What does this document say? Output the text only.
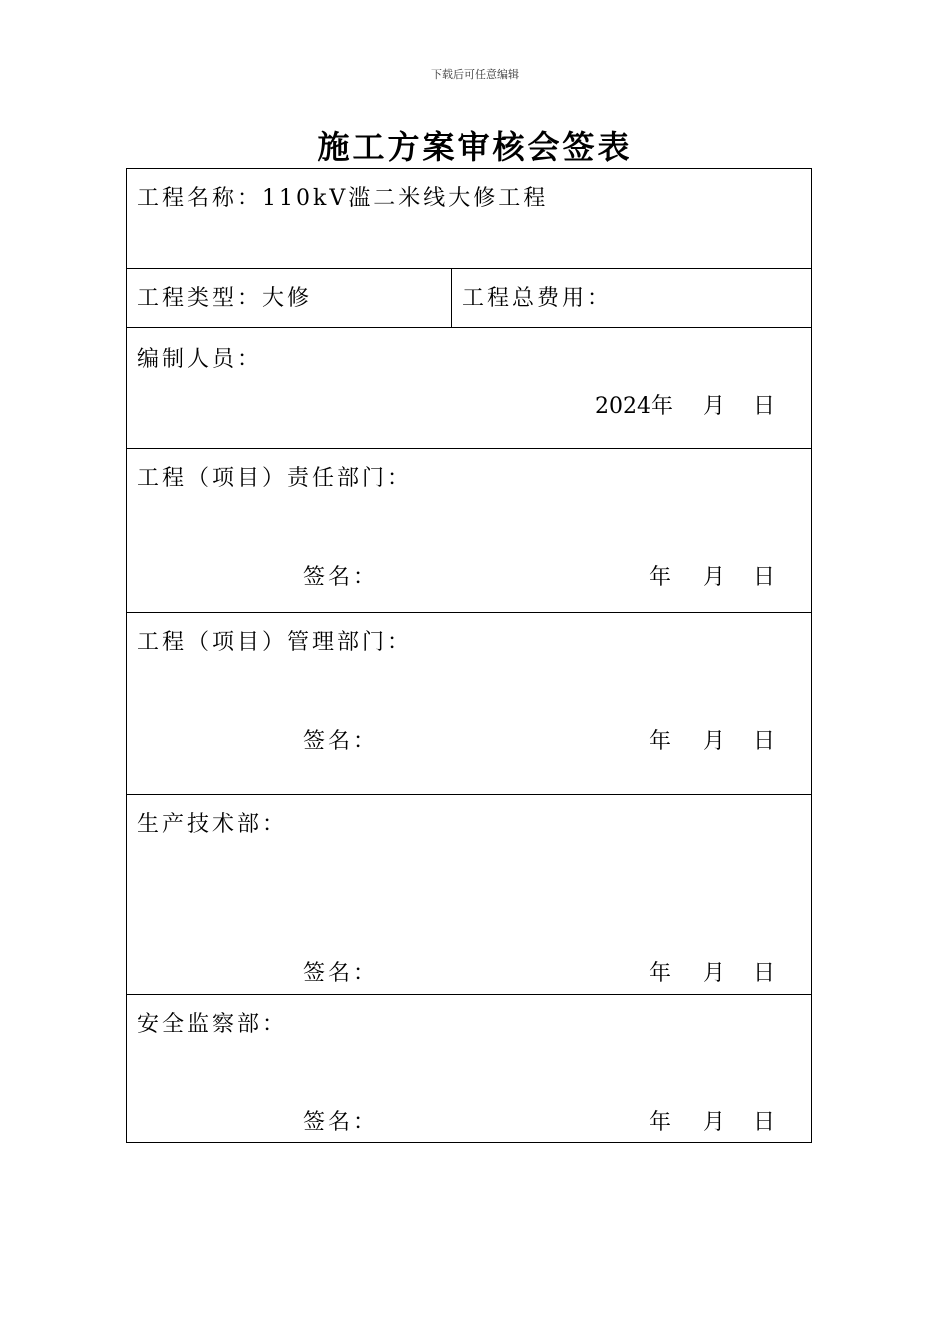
下载后可任意编辑
施工方案审核会签表
工程名称：110kV滥二米线大修工程
工程类型：大修	工程总费用：
编制人员：
2024年 月 日
工程（项目）责任部门：
签名：	年 月 日
工程（项目）管理部门：
签名：	年 月 日
生产技术部：
签名：	年 月 日
安全监察部：
签名：	年 月 日
